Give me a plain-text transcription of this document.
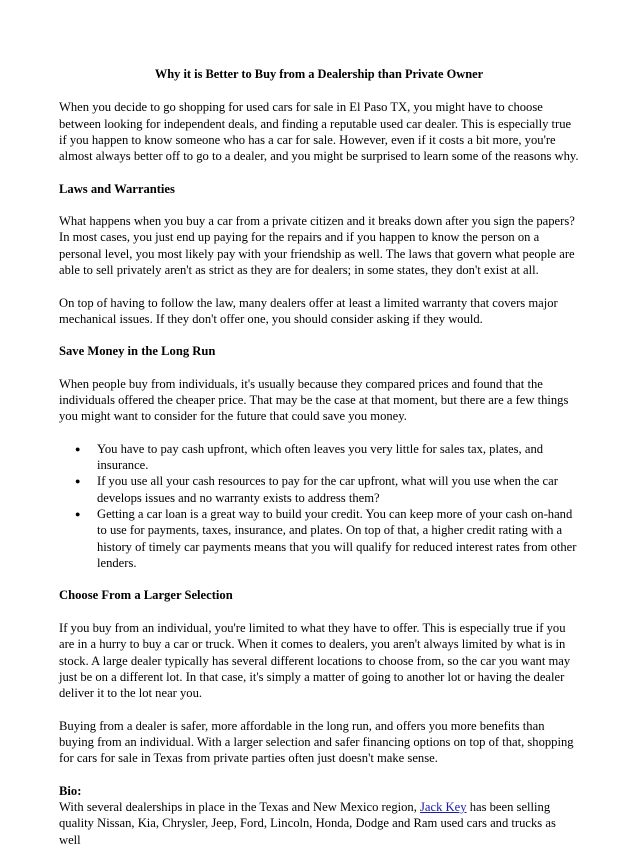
Why it is Better to Buy from a Dealership than Private Owner

When you decide to go shopping for used cars for sale in El Paso TX, you might have to choose between looking for independent deals, and finding a reputable used car dealer. This is especially true if you happen to know someone who has a car for sale. However, even if it costs a bit more, you're almost always better off to go to a dealer, and you might be surprised to learn some of the reasons why.

Laws and Warranties

What happens when you buy a car from a private citizen and it breaks down after you sign the papers? In most cases, you just end up paying for the repairs and if you happen to know the person on a personal level, you most likely pay with your friendship as well. The laws that govern what people are able to sell privately aren't as strict as they are for dealers; in some states, they don't exist at all.

On top of having to follow the law, many dealers offer at least a limited warranty that covers major mechanical issues. If they don't offer one, you should consider asking if they would.

Save Money in the Long Run

When people buy from individuals, it's usually because they compared prices and found that the individuals offered the cheaper price. That may be the case at that moment, but there are a few things you might want to consider for the future that could save you money.

● You have to pay cash upfront, which often leaves you very little for sales tax, plates, and insurance.
● If you use all your cash resources to pay for the car upfront, what will you use when the car develops issues and no warranty exists to address them?
● Getting a car loan is a great way to build your credit. You can keep more of your cash on-hand to use for payments, taxes, insurance, and plates. On top of that, a higher credit rating with a history of timely car payments means that you will qualify for reduced interest rates from other lenders.
Choose From a Larger Selection

If you buy from an individual, you're limited to what they have to offer. This is especially true if you are in a hurry to buy a car or truck. When it comes to dealers, you aren't always limited by what is in stock. A large dealer typically has several different locations to choose from, so the car you want may just be on a different lot. In that case, it's simply a matter of going to another lot or having the dealer deliver it to the lot near you.

Buying from a dealer is safer, more affordable in the long run, and offers you more benefits than buying from an individual. With a larger selection and safer financing options on top of that, shopping for cars for sale in Texas from private parties often just doesn't make sense.

Bio:
With several dealerships in place in the Texas and New Mexico region, Jack Key has been selling quality Nissan, Kia, Chrysler, Jeep, Ford, Lincoln, Honda, Dodge and Ram used cars and trucks as well
